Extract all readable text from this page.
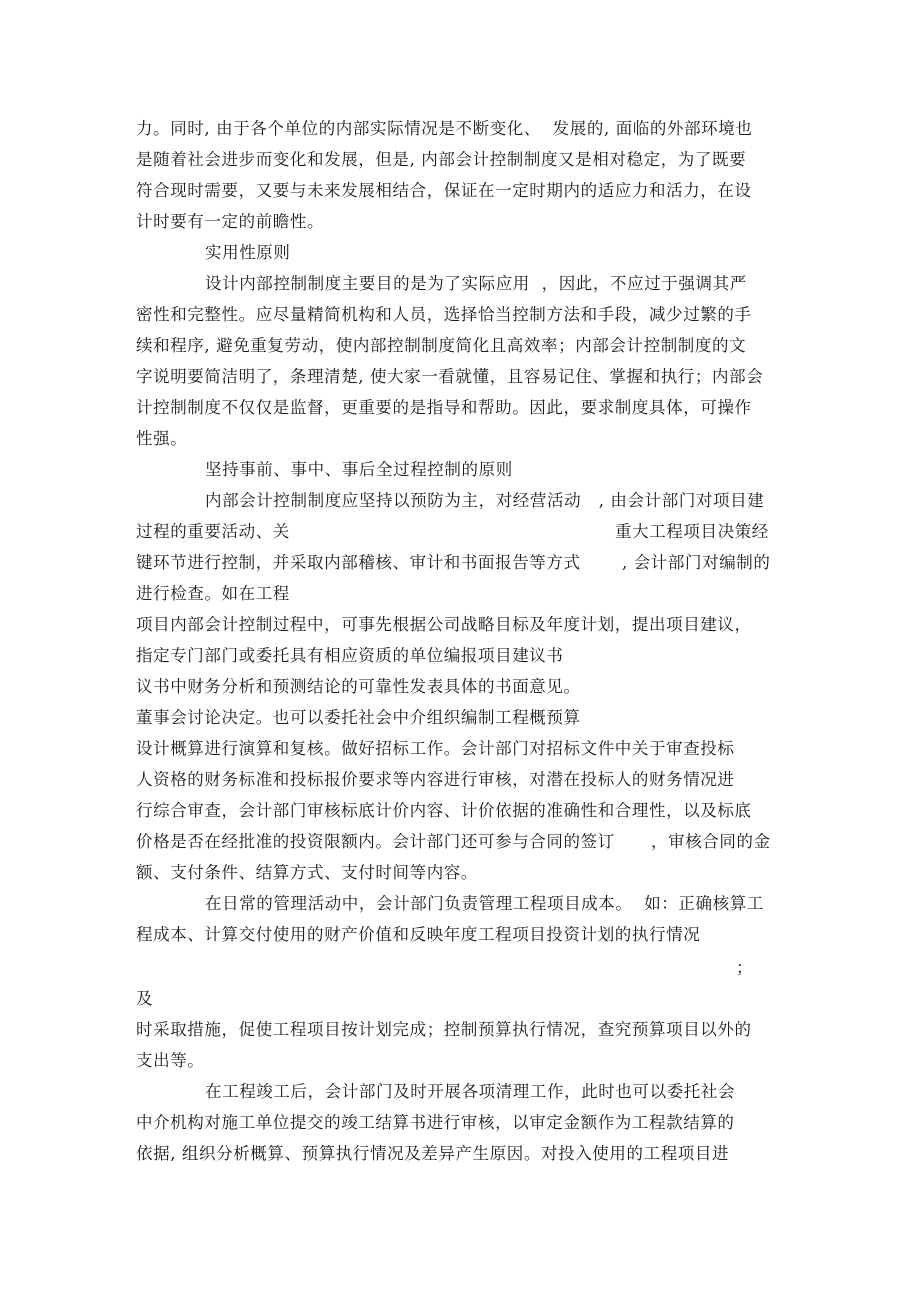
力。同时, 由于各个单位的内部实际情况是不断变化、  发展的, 面临的外部环境也
是随着社会进步而变化和发展，但是, 内部会计控制制度又是相对稳定，为了既要
符合现时需要，又要与未来发展相结合，保证在一定时期内的适应力和活力，在设
计时要有一定的前瞻性。
实用性原则
设计内部控制制度主要目的是为了实际应用  ，因此，不应过于强调其严
密性和完整性。应尽量精简机构和人员，选择恰当控制方法和手段，减少过繁的手
续和程序, 避免重复劳动，使内部控制制度简化且高效率；内部会计控制制度的文
字说明要简洁明了，条理清楚, 使大家一看就懂，且容易记住、掌握和执行；内部会
计控制制度不仅仅是监督，更重要的是指导和帮助。因此，要求制度具体，可操作
性强。
坚持事前、事中、事后全过程控制的原则
内部会计控制制度应坚持以预防为主，对经营活动   , 由会计部门对项目建
过程的重要活动、关	重大工程项目决策经
键环节进行控制，并采取内部稽核、审计和书面报告等方式	, 会计部门对编制的
进行检查。如在工程
项目内部会计控制过程中，可事先根据公司战略目标及年度计划，提出项目建议，
指定专门部门或委托具有相应资质的单位编报项目建议书
议书中财务分析和预测结论的可靠性发表具体的书面意见。
董事会讨论决定。也可以委托社会中介组织编制工程概预算
设计概算进行演算和复核。做好招标工作。会计部门对招标文件中关于审查投标
人资格的财务标准和投标报价要求等内容进行审核，对潜在投标人的财务情况进
行综合审查，会计部门审核标底计价内容、计价依据的准确性和合理性，以及标底
价格是否在经批准的投资限额内。会计部门还可参与合同的签订 ，审核合同的金
额、支付条件、结算方式、支付时间等内容。
在日常的管理活动中，会计部门负责管理工程项目成本。  如：正确核算工
程成本、计算交付使用的财产价值和反映年度工程项目投资计划的执行情况
；
及
时采取措施，促使工程项目按计划完成；控制预算执行情况，查究预算项目以外的
支出等。
在工程竣工后，会计部门及时开展各项清理工作，此时也可以委托社会
中介机构对施工单位提交的竣工结算书进行审核，以审定金额作为工程款结算的
依据, 组织分析概算、预算执行情况及差异产生原因。对投入使用的工程项目进
